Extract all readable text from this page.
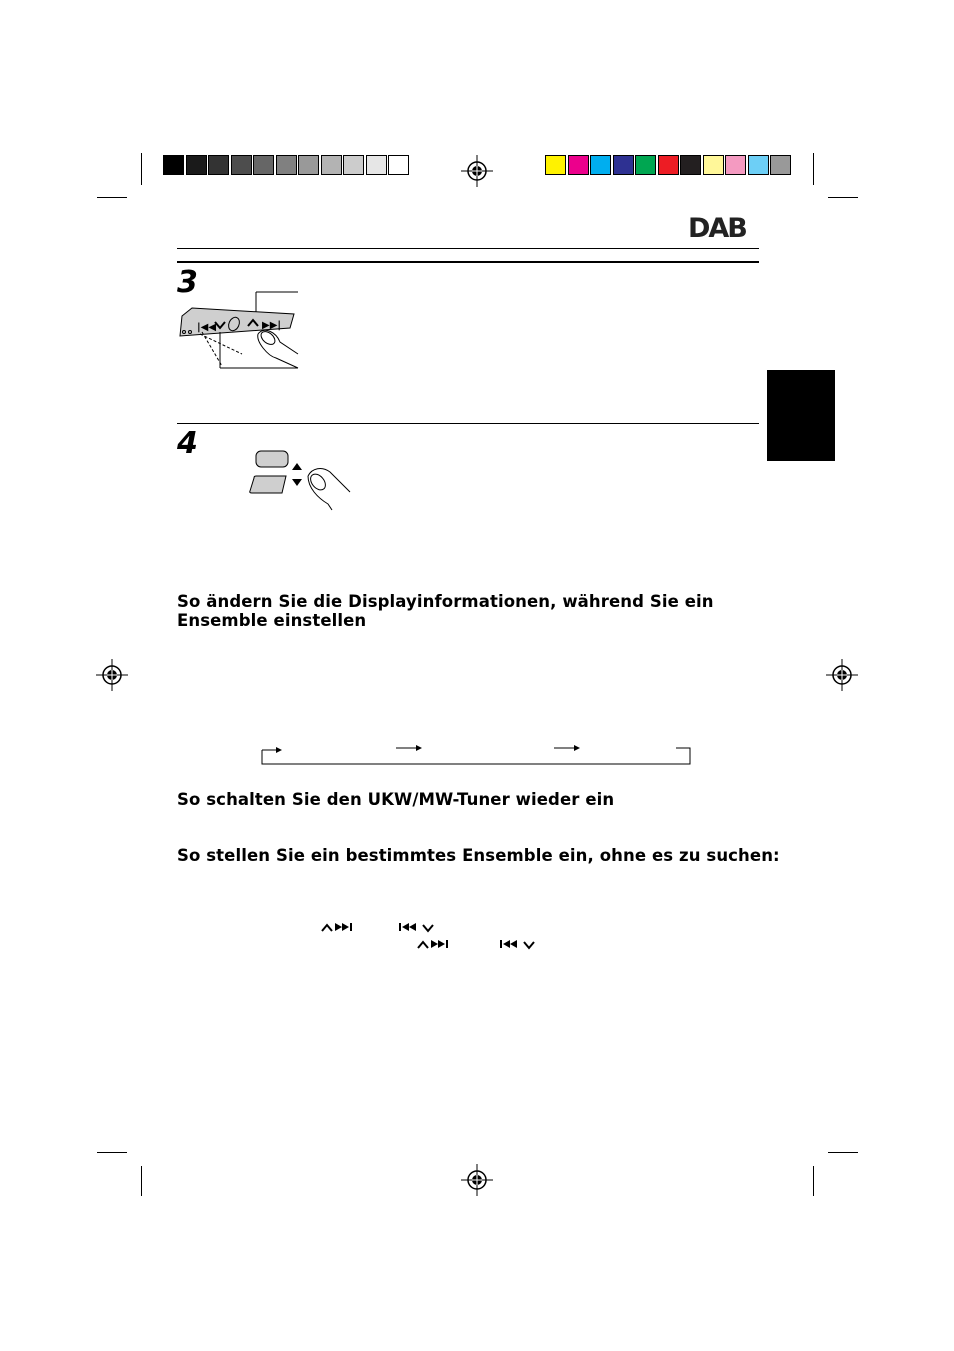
DAB
3
|◀◀	▶▶|
4
So ändern Sie die Displayinformationen, während Sie ein Ensemble einstellen
So schalten Sie den UKW/MW-Tuner wieder ein
So stellen Sie ein bestimmtes Ensemble ein, ohne es zu suchen:
